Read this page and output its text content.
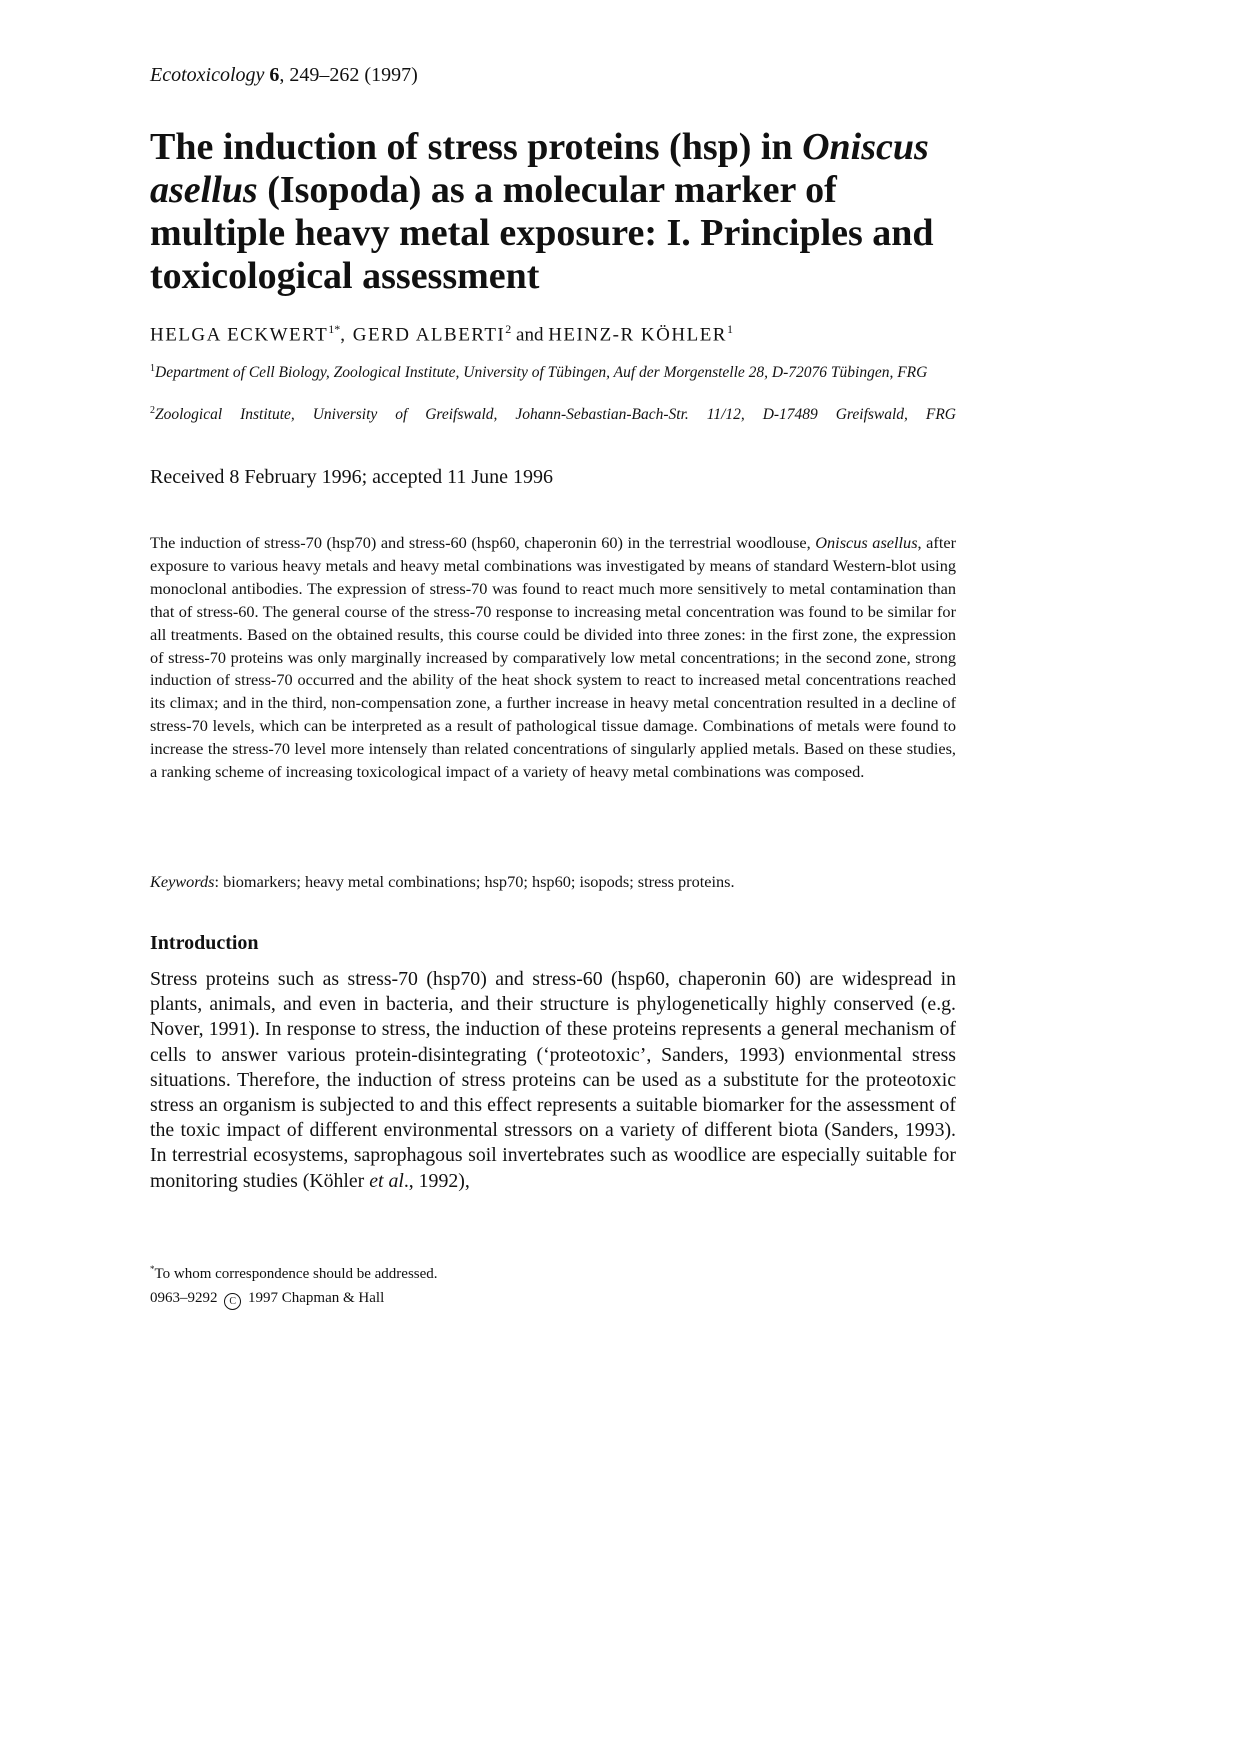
Ecotoxicology 6, 249–262 (1997)
The induction of stress proteins (hsp) in Oniscus asellus (Isopoda) as a molecular marker of multiple heavy metal exposure: I. Principles and toxicological assessment
HELGA $ECKWERT^{1*}$, GERD ALBERTI$^2$ and HEINZ-R KÖHLER$^1$
$^1$Department of Cell Biology, Zoological Institute, University of Tübingen, Auf der Morgenstelle 28, D-72076 Tübingen, FRG
$^2$Zoological Institute, University of Greifswald, Johann-Sebastian-Bach-Str. 11/12, D-17489 Greifswald, FRG
Received 8 February 1996; accepted 11 June 1996

The induction of stress-70 (hsp70) and stress-60 (hsp60, chaperonin 60) in the terrestrial woodlouse, Oniscus asellus, after exposure to various heavy metals and heavy metal combinations was investigated by means of standard Western-blot using monoclonal antibodies. The expression of stress-70 was found to react much more sensitively to metal contamination than that of stress-60. The general course of the stress-70 response to increasing metal concentration was found to be similar for all treatments. Based on the obtained results, this course could be divided into three zones: in the first zone, the expression of stress-70 proteins was only marginally increased by comparatively low metal concentrations; in the second zone, strong induction of stress-70 occurred and the ability of the heat shock system to react to increased metal concentrations reached its climax; and in the third, non-compensation zone, a further increase in heavy metal concentration resulted in a decline of stress-70 levels, which can be interpreted as a result of pathological tissue damage. Combinations of metals were found to increase the stress-70 level more intensely than related concentrations of singularly applied metals. Based on these studies, a ranking scheme of increasing toxicological impact of a variety of heavy metal combinations was composed.

Keywords: biomarkers; heavy metal combinations; hsp70; hsp60; isopods; stress proteins.
Introduction

Stress proteins such as stress-70 (hsp70) and stress-60 (hsp60, chaperonin 60) are widespread in plants, animals, and even in bacteria, and their structure is phylogenetically highly conserved (e.g. Nover, 1991). In response to stress, the induction of these proteins represents a general mechanism of cells to answer various protein-disintegrating (‘proteotoxic’, Sanders, 1993) envionmental stress situations. Therefore, the induction of stress proteins can be used as a substitute for the proteotoxic stress an organism is subjected to and this effect represents a suitable biomarker for the assessment of the toxic impact of different environmental stressors on a variety of different biota (Sanders, 1993). In terrestrial ecosystems, saprophagous soil invertebrates such as woodlice are especially suitable for monitoring studies (Köhler et al., 1992),

*To whom correspondence should be addressed.
0963–9292 C 1997 Chapman & Hall
